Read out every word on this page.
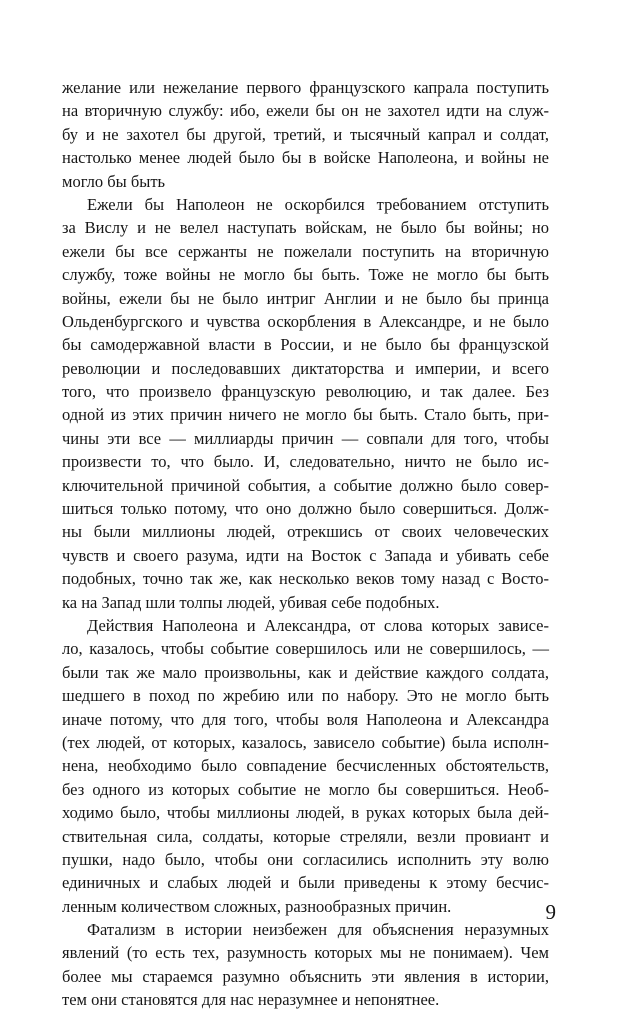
желание или нежелание первого французского капрала поступить
на вторичную службу: ибо, ежели бы он не захотел идти на служ-
бу и не захотел бы другой, третий, и тысячный капрал и солдат,
настолько менее людей было бы в войске Наполеона, и войны не
могло бы быть

Ежели бы Наполеон не оскорбился требованием отступить
за Вислу и не велел наступать войскам, не было бы войны; но
ежели бы все сержанты не пожелали поступить на вторичную
службу, тоже войны не могло бы быть. Тоже не могло бы быть
войны, ежели бы не было интриг Англии и не было бы принца
Ольденбургского и чувства оскорбления в Александре, и не было
бы самодержавной власти в России, и не было бы французской
революции и последовавших диктаторства и империи, и всего
того, что произвело французскую революцию, и так далее. Без
одной из этих причин ничего не могло бы быть. Стало быть, при-
чины эти все — миллиарды причин — совпали для того, чтобы
произвести то, что было. И, следовательно, ничто не было ис-
ключительной причиной события, а событие должно было совер-
шиться только потому, что оно должно было совершиться. Долж-
ны были миллионы людей, отрекшись от своих человеческих
чувств и своего разума, идти на Восток с Запада и убивать себе
подобных, точно так же, как несколько веков тому назад с Восто-
ка на Запад шли толпы людей, убивая себе подобных.

Действия Наполеона и Александра, от слова которых зависе-
ло, казалось, чтобы событие совершилось или не совершилось, —
были так же мало произвольны, как и действие каждого солдата,
шедшего в поход по жребию или по набору. Это не могло быть
иначе потому, что для того, чтобы воля Наполеона и Александра
(тех людей, от которых, казалось, зависело событие) была исполн-
нена, необходимо было совпадение бесчисленных обстоятельств,
без одного из которых событие не могло бы совершиться. Необ-
ходимо было, чтобы миллионы людей, в руках которых была дей-
ствительная сила, солдаты, которые стреляли, везли провиант и
пушки, надо было, чтобы они согласились исполнить эту волю
единичных и слабых людей и были приведены к этому бесчис-
ленным количеством сложных, разнообразных причин.

Фатализм в истории неизбежен для объяснения неразумных
явлений (то есть тех, разумность которых мы не понимаем). Чем
более мы стараемся разумно объяснить эти явления в истории,
тем они становятся для нас неразумнее и непонятнее.

9
